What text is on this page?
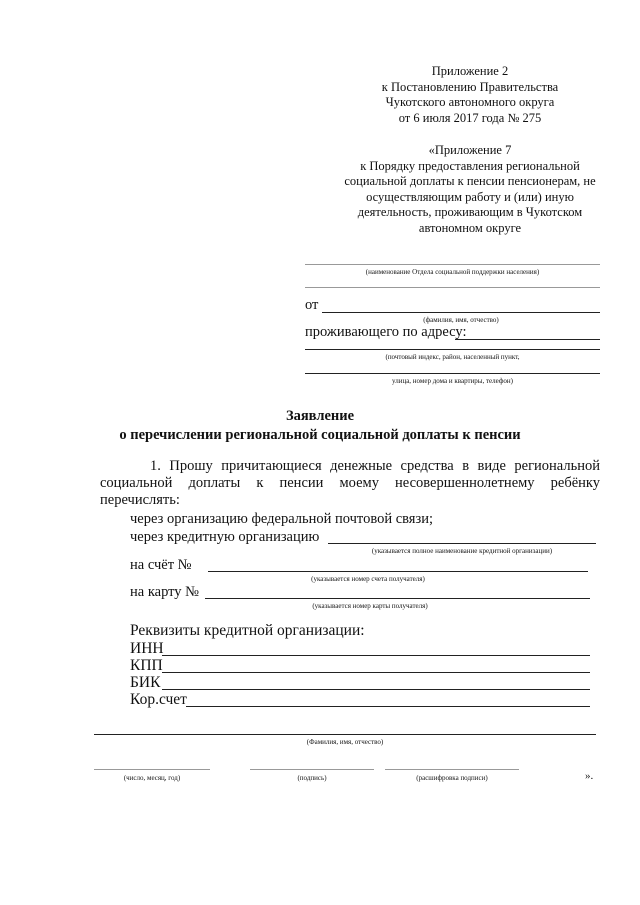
Приложение 2
к Постановлению Правительства
Чукотского автономного округа
от 6 июля 2017 года № 275
«Приложение 7
к Порядку предоставления региональной
социальной доплаты к пенсии пенсионерам, не
осуществляющим работу и (или) иную
деятельность, проживающим в Чукотском
автономном округе
(наименование Отдела социальной поддержки населения)
от
(фамилия, имя, отчество)
проживающего по адресу:
(почтовый индекс, район, населенный пункт,
улица, номер дома и квартиры, телефон)
Заявление
о перечислении региональной социальной доплаты к пенсии
1. Прошу причитающиеся денежные средства в виде региональной социальной доплаты к пенсии моему несовершеннолетнему ребёнку перечислять:
через организацию федеральной почтовой связи;
через кредитную организацию
(указывается полное наименование кредитной организации)
на счёт №
(указывается номер счета получателя)
на карту №
(указывается номер карты получателя)
Реквизиты кредитной организации:
ИНН
КПП
БИК
Кор.счет
(Фамилия, имя, отчество)
(число, месяц, год)	(подпись)	(расшифровка подписи)	».
